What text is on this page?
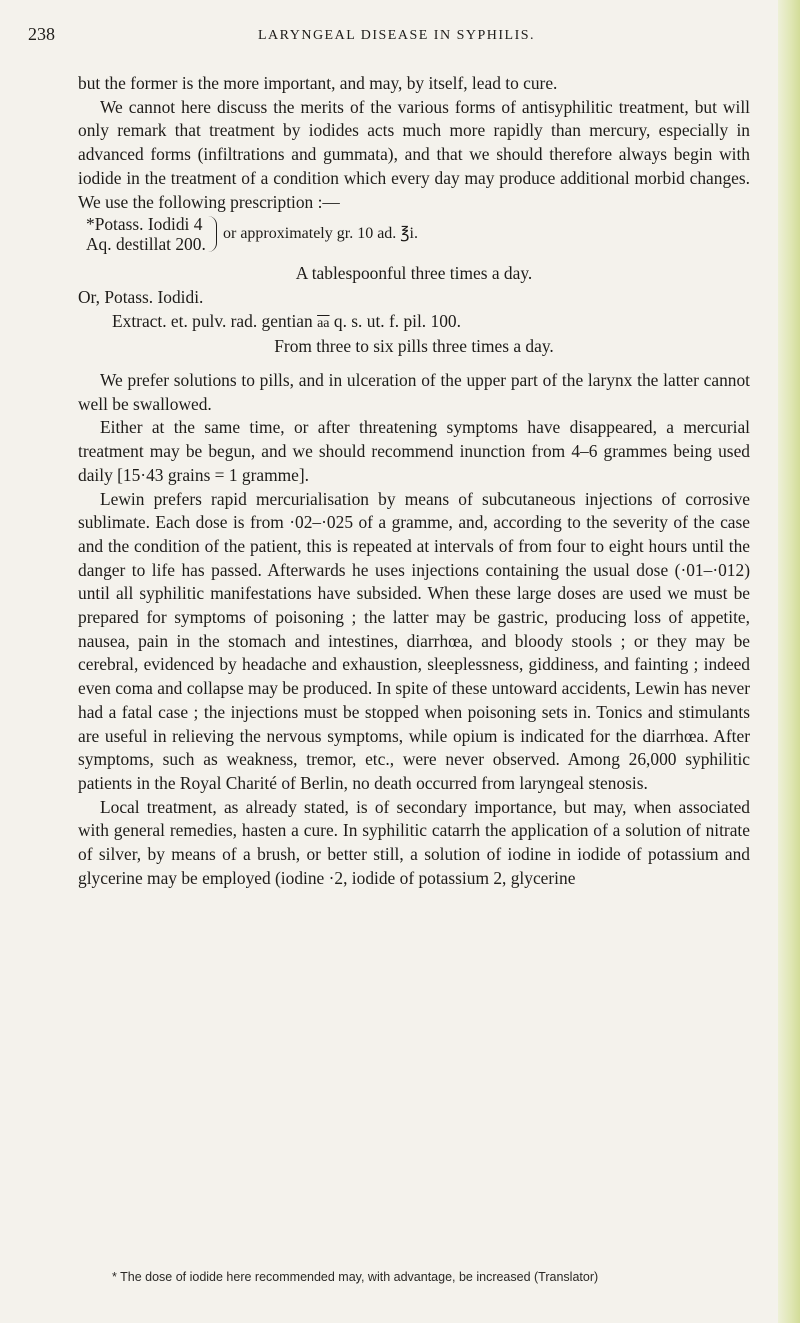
238	LARYNGEAL DISEASE IN SYPHILIS.

but the former is the more important, and may, by itself, lead to cure.

We cannot here discuss the merits of the various forms of antisyphilitic treatment, but will only remark that treatment by iodides acts much more rapidly than mercury, especially in advanced forms (infiltrations and gummata), and that we should therefore always begin with iodide in the treatment of a condition which every day may produce additional morbid changes. We use the following prescription :—

*Potass. Iodidi 4
Aq. destillat 200.
or approximately gr. 10 ad. ℥i.

A tablespoonful three times a day.

Or, Potass. Iodidi.

Extract. et. pulv. rad. gentian $\overline{aa}$ q. s. ut. f. pil. 100.

From three to six pills three times a day.

We prefer solutions to pills, and in ulceration of the upper part of the larynx the latter cannot well be swallowed.

Either at the same time, or after threatening symptoms have disappeared, a mercurial treatment may be begun, and we should recommend inunction from 4–6 grammes being used daily [15·43 grains = 1 gramme].

Lewin prefers rapid mercurialisation by means of subcutaneous injections of corrosive sublimate. Each dose is from ·02–·025 of a gramme, and, according to the severity of the case and the condition of the patient, this is repeated at intervals of from four to eight hours until the danger to life has passed. Afterwards he uses injections containing the usual dose (·01–·012) until all syphilitic manifestations have subsided. When these large doses are used we must be prepared for symptoms of poisoning ; the latter may be gastric, producing loss of appetite, nausea, pain in the stomach and intestines, diarrhœa, and bloody stools ; or they may be cerebral, evidenced by headache and exhaustion, sleeplessness, giddiness, and fainting ; indeed even coma and collapse may be produced. In spite of these untoward accidents, Lewin has never had a fatal case ; the injections must be stopped when poisoning sets in. Tonics and stimulants are useful in relieving the nervous symptoms, while opium is indicated for the diarrhœa. After symptoms, such as weakness, tremor, etc., were never observed. Among 26,000 syphilitic patients in the Royal Charité of Berlin, no death occurred from laryngeal stenosis.

Local treatment, as already stated, is of secondary importance, but may, when associated with general remedies, hasten a cure. In syphilitic catarrh the application of a solution of nitrate of silver, by means of a brush, or better still, a solution of iodine in iodide of potassium and glycerine may be employed (iodine ·2, iodide of potassium 2, glycerine

* The dose of iodide here recommended may, with advantage, be increased (Translator)
